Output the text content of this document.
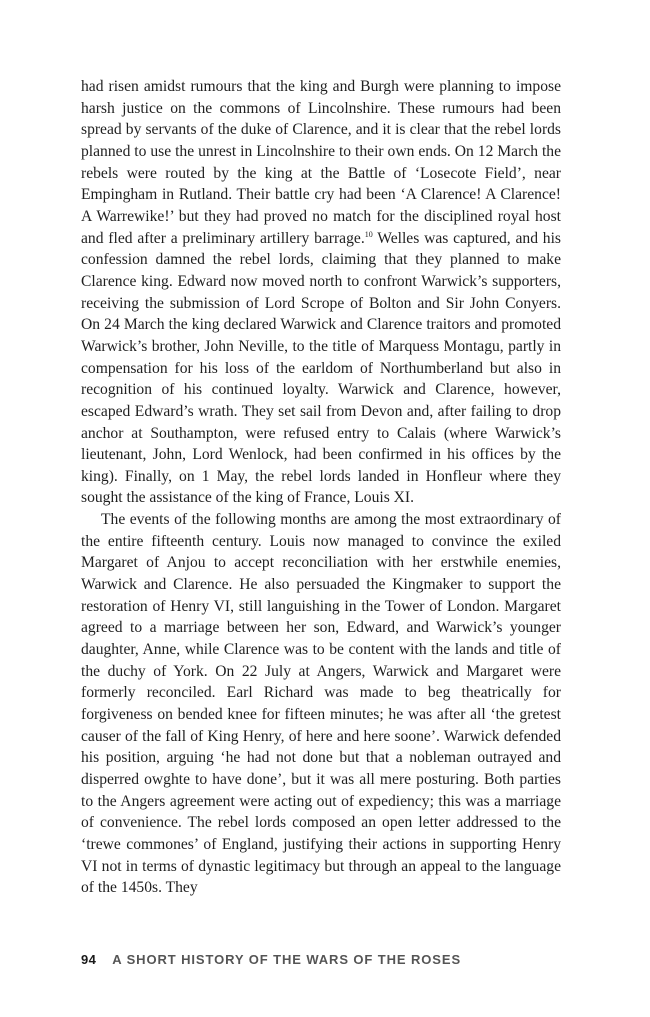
had risen amidst rumours that the king and Burgh were planning to impose harsh justice on the commons of Lincolnshire. These rumours had been spread by servants of the duke of Clarence, and it is clear that the rebel lords planned to use the unrest in Lincolnshire to their own ends. On 12 March the rebels were routed by the king at the Battle of ‘Losecote Field’, near Empingham in Rutland. Their battle cry had been ‘A Clarence! A Clarence! A Warrewike!’ but they had proved no match for the disciplined royal host and fled after a preliminary artillery barrage.$^{10}$ Welles was captured, and his confession damned the rebel lords, claiming that they planned to make Clarence king. Edward now moved north to confront Warwick’s supporters, receiving the submission of Lord Scrope of Bolton and Sir John Conyers. On 24 March the king declared Warwick and Clarence traitors and promoted Warwick’s brother, John Neville, to the title of Marquess Montagu, partly in compensation for his loss of the earldom of Northumberland but also in recognition of his continued loyalty. Warwick and Clarence, however, escaped Edward’s wrath. They set sail from Devon and, after failing to drop anchor at Southampton, were refused entry to Calais (where Warwick’s lieutenant, John, Lord Wenlock, had been confirmed in his offices by the king). Finally, on 1 May, the rebel lords landed in Honfleur where they sought the assistance of the king of France, Louis XI.

The events of the following months are among the most extraordinary of the entire fifteenth century. Louis now managed to convince the exiled Margaret of Anjou to accept reconciliation with her erstwhile enemies, Warwick and Clarence. He also persuaded the Kingmaker to support the restoration of Henry VI, still languishing in the Tower of London. Margaret agreed to a marriage between her son, Edward, and Warwick’s younger daughter, Anne, while Clarence was to be content with the lands and title of the duchy of York. On 22 July at Angers, Warwick and Margaret were formerly reconciled. Earl Richard was made to beg theatrically for forgiveness on bended knee for fifteen minutes; he was after all ‘the gretest causer of the fall of King Henry, of here and here soone’. Warwick defended his position, arguing ‘he had not done but that a nobleman outrayed and disperred owghte to have done’, but it was all mere posturing. Both parties to the Angers agreement were acting out of expediency; this was a marriage of convenience. The rebel lords composed an open letter addressed to the ‘trewe commones’ of England, justifying their actions in supporting Henry VI not in terms of dynastic legitimacy but through an appeal to the language of the 1450s. They

94 A SHORT HISTORY OF THE WARS OF THE ROSES
